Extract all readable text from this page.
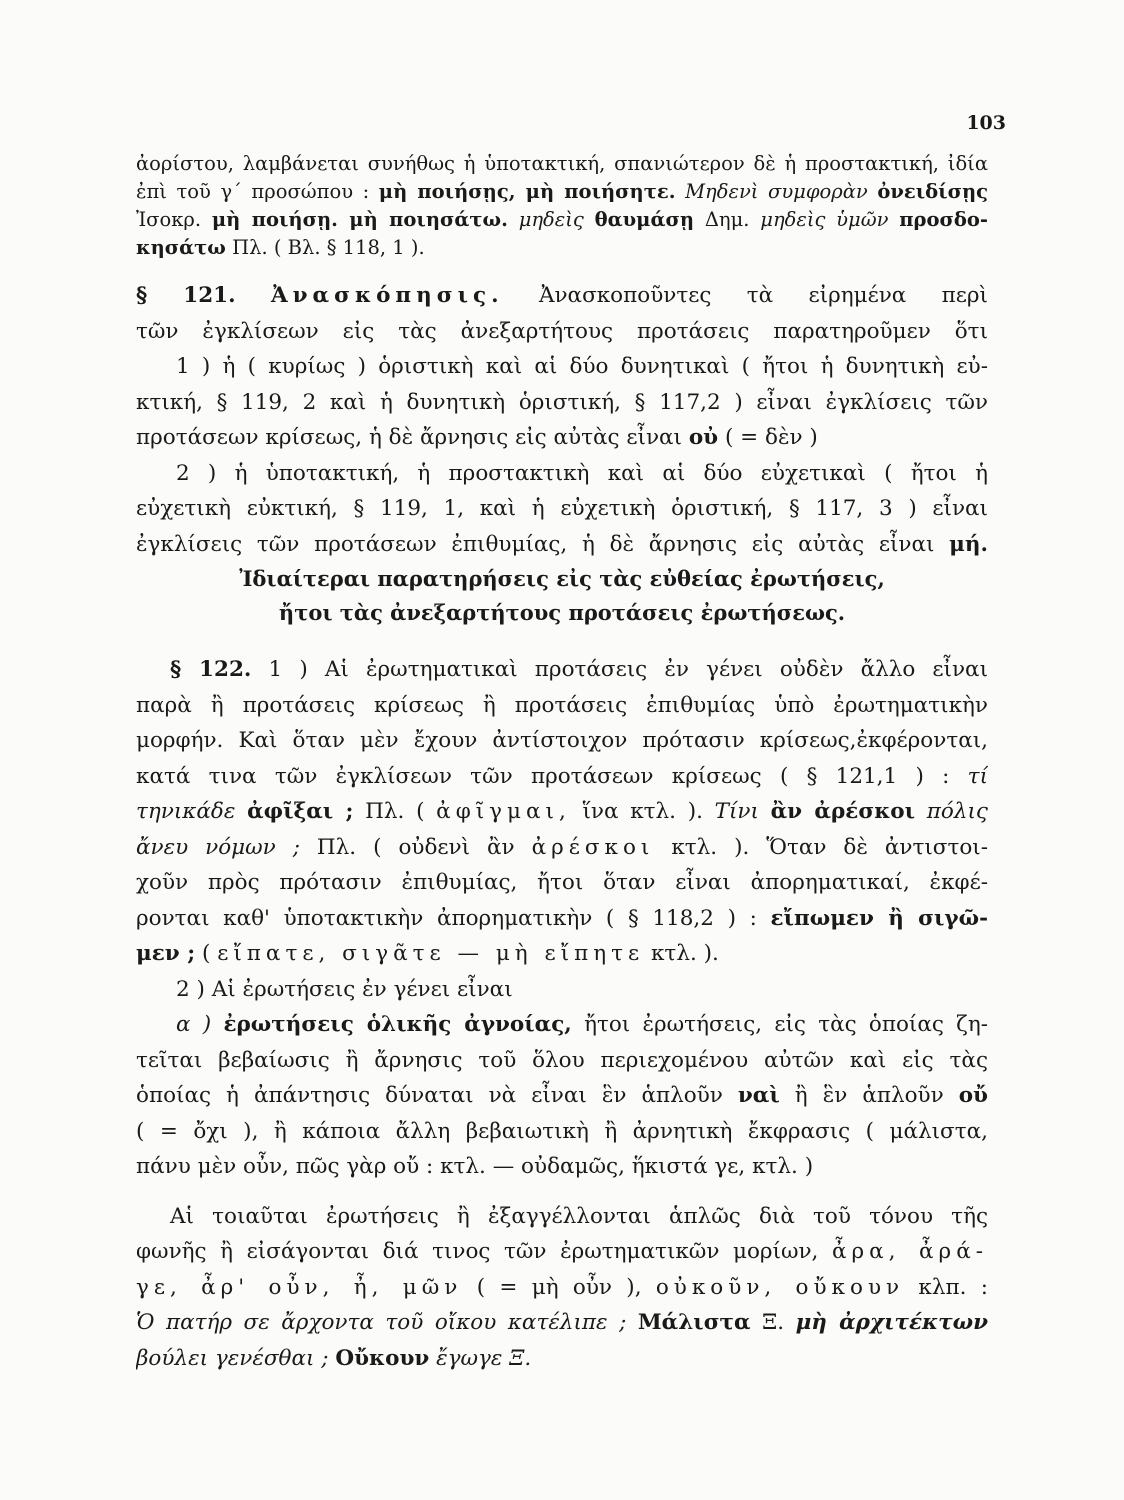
103
ἀορίστου, λαμβάνεται συνήθως ἡ ὑποτακτική, σπανιώτερον δὲ ἡ προστακτική, ἰδία
ἐπὶ τοῦ γ΄ προσώπου : μὴ ποιήσῃς, μὴ ποιήσητε. Μηδενὶ συμφορὰν ὀνειδίσῃς
Ἰσοκρ. μὴ ποιήσῃ. μὴ ποιησάτω. μηδεὶς θαυμάσῃ Δημ. μηδεὶς ὑμῶν προσδο-
κησάτω Πλ. ( Βλ. § 118, 1 ).
§ 121. Ἀνασκόπησις. Ἀνασκοποῦντες τὰ εἰρημένα περὶ
τῶν ἐγκλίσεων εἰς τὰς ἀνεξαρτήτους προτάσεις παρατηροῦμεν ὅτι
1 ) ἡ ( κυρίως ) ὁριστικὴ καὶ αἱ δύο δυνητικαὶ ( ἤτοι ἡ δυνητικὴ εὐ-
κτική, § 119, 2 καὶ ἡ δυνητικὴ ὁριστική, § 117,2 ) εἶναι ἐγκλίσεις τῶν
προτάσεων κρίσεως, ἡ δὲ ἄρνησις εἰς αὐτὰς εἶναι οὐ ( = δὲν )
2 ) ἡ ὑποτακτική, ἡ προστακτικὴ καὶ αἱ δύο εὐχετικαὶ ( ἤτοι ἡ
εὐχετικὴ εὐκτική, § 119, 1, καὶ ἡ εὐχετικὴ ὁριστική, § 117, 3 ) εἶναι
ἐγκλίσεις τῶν προτάσεων ἐπιθυμίας, ἡ δὲ ἄρνησις εἰς αὐτὰς εἶναι μή.
Ἰδιαίτεραι παρατηρήσεις εἰς τὰς εὐθείας ἐρωτήσεις,
ἤτοι τὰς ἀνεξαρτήτους προτάσεις ἐρωτήσεως.
§ 122. 1 ) Αἱ ἐρωτηματικαὶ προτάσεις ἐν γένει οὐδὲν ἄλλο εἶναι
παρὰ ἢ προτάσεις κρίσεως ἢ προτάσεις ἐπιθυμίας ὑπὸ ἐρωτηματικὴν
μορφήν. Καὶ ὅταν μὲν ἔχουν ἀντίστοιχον πρότασιν κρίσεως,ἐκφέρονται,
κατά τινα τῶν ἐγκλίσεων τῶν προτάσεων κρίσεως ( § 121,1 ) : τί
τηνικάδε ἀφῖξαι ; Πλ. ( ἀφῖγμαι, ἵνα κτλ. ). Τίνι ἂν ἀρέσκοι πόλις
ἄνευ νόμων ; Πλ. ( οὐδενὶ ἂν ἀρέσκοι κτλ. ). Ὅταν δὲ ἀντιστοι-
χοῦν πρὸς πρότασιν ἐπιθυμίας, ἤτοι ὅταν εἶναι ἀπορηματικαί, ἐκφέ-
ρονται καθ' ὑποτακτικὴν ἀπορηματικὴν ( § 118,2 ) : εἴπωμεν ἢ σιγῶ-
μεν ; ( εἴπατε, σιγᾶτε — μὴ εἴπητε κτλ. ).
2 ) Αἱ ἐρωτήσεις ἐν γένει εἶναι
α ) ἐρωτήσεις ὁλικῆς ἀγνοίας, ἤτοι ἐρωτήσεις, εἰς τὰς ὁποίας ζη-
τεῖται βεβαίωσις ἢ ἄρνησις τοῦ ὅλου περιεχομένου αὐτῶν καὶ εἰς τὰς
ὁποίας ἡ ἀπάντησις δύναται νὰ εἶναι ἓν ἁπλοῦν ναὶ ἢ ἓν ἁπλοῦν οὔ
( = ὄχι ), ἢ κάποια ἄλλη βεβαιωτικὴ ἢ ἀρνητικὴ ἔκφρασις ( μάλιστα,
πάνυ μὲν οὖν, πῶς γὰρ οὔ : κτλ. — οὐδαμῶς, ἥκιστά γε, κτλ. )
Αἱ τοιαῦται ἐρωτήσεις ἢ ἐξαγγέλλονται ἁπλῶς διὰ τοῦ τόνου τῆς
φωνῆς ἢ εἰσάγονται διά τινος τῶν ἐρωτηματικῶν μορίων, ἆρα, ἆρά-
γε, ἆρ' οὖν, ἦ, μῶν ( = μὴ οὖν ), οὐκοῦν, οὔκουν κλπ. :
Ὁ πατήρ σε ἄρχοντα τοῦ οἴκου κατέλιπε ; Μάλιστα Ξ. μὴ ἀρχιτέκτων
βούλει γενέσθαι ; Οὔκουν ἔγωγε Ξ.
